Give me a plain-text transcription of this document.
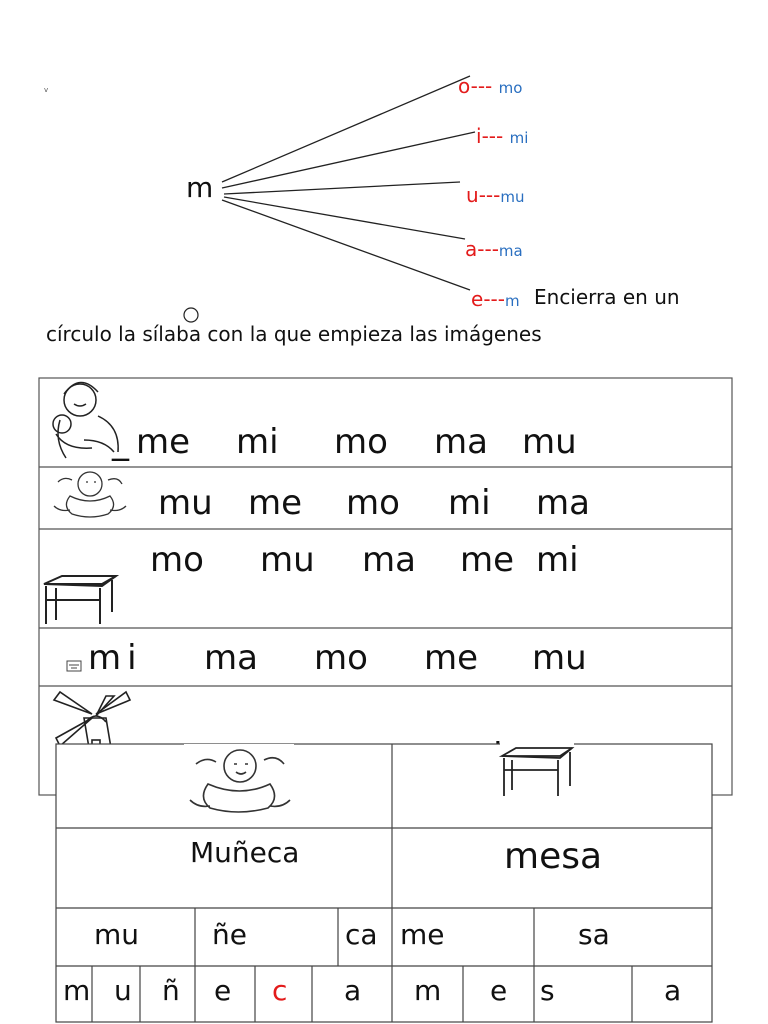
v
m
o--- mo
i--- mi
u---mu
a---ma
e---m Encierra en un
círculo la sílaba con la que empieza las imágenes
_ me mi mo ma mu
mu me mo mi ma
mo mu ma me mi
mi ma mo me mu
Muñeca	mesa
mu	ñe	ca me	sa
m u ñ e c a m e s	a
